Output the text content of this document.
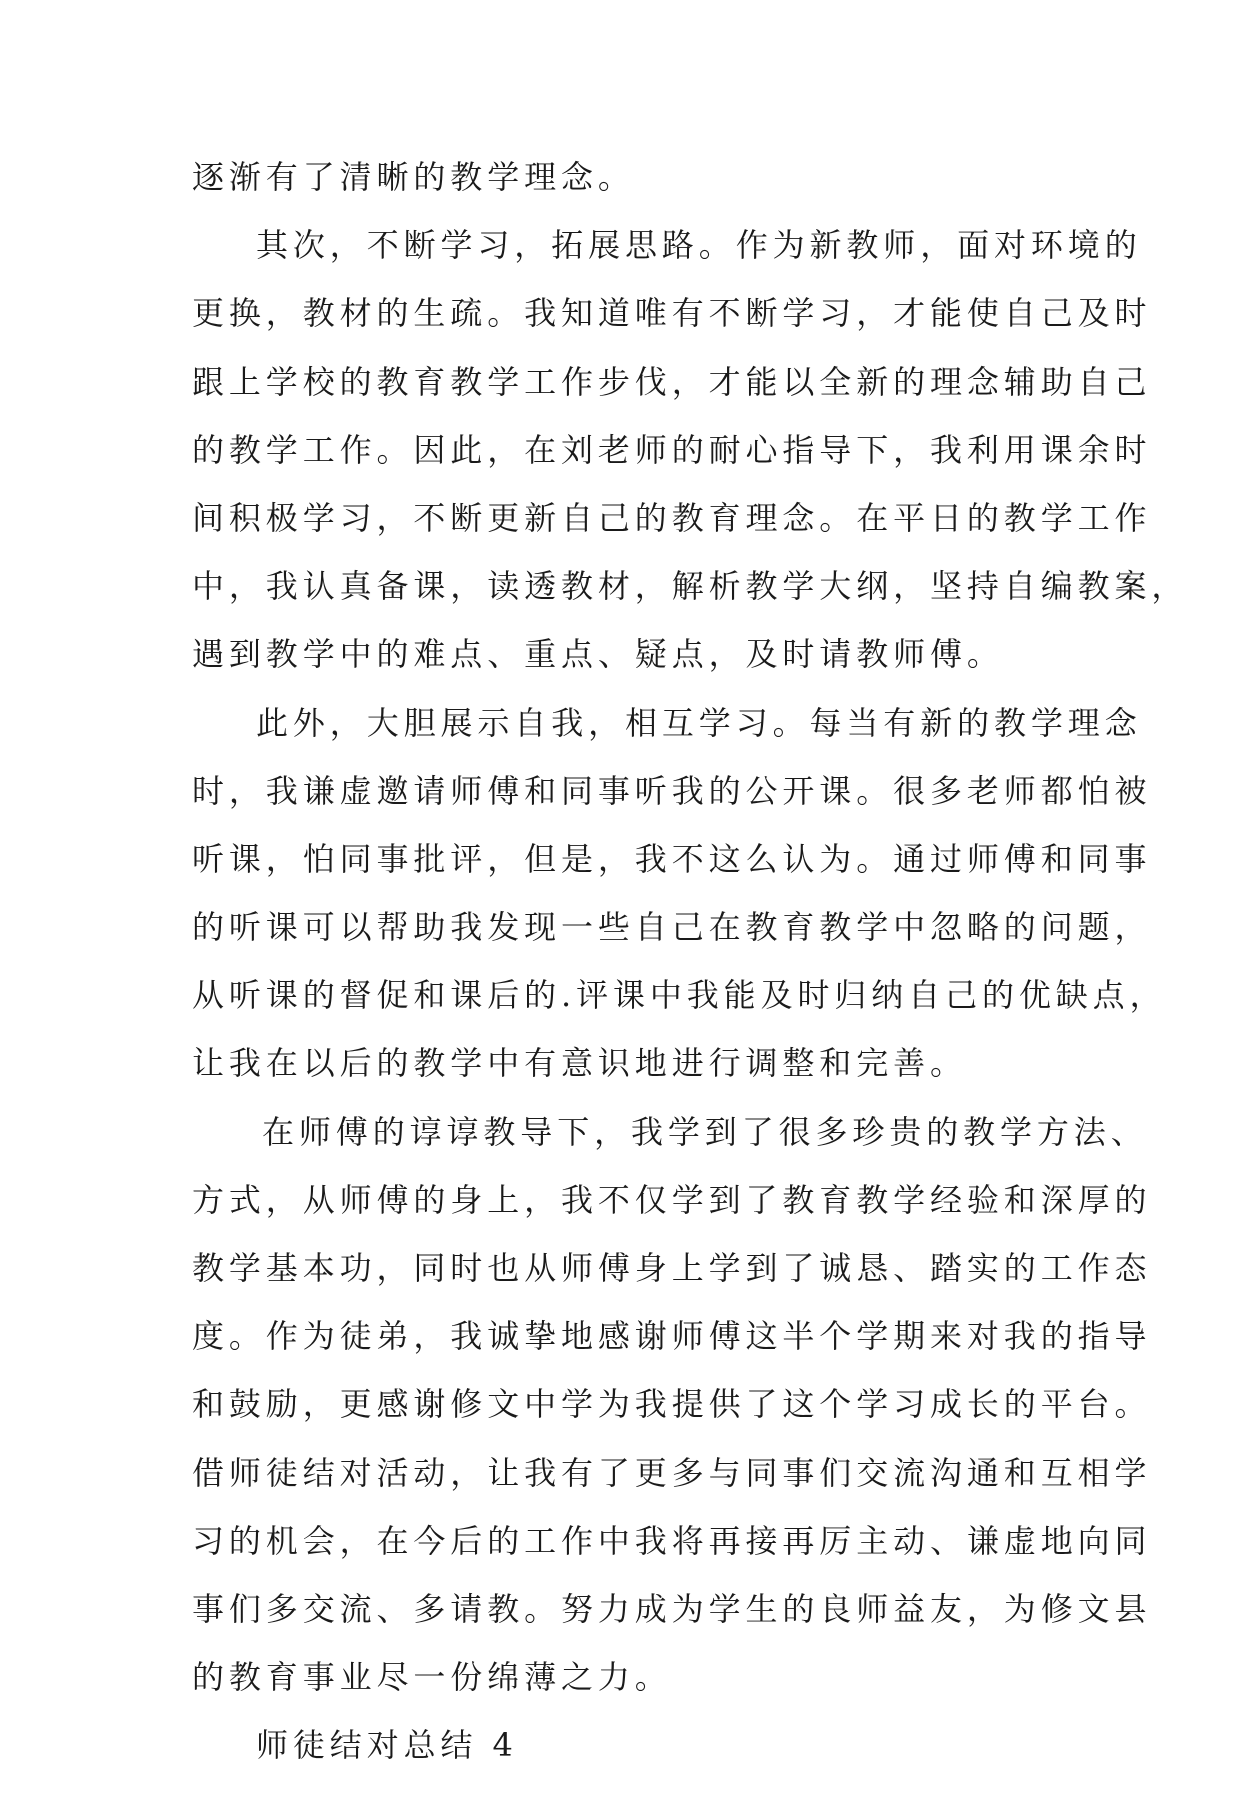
逐渐有了清晰的教学理念。
其次，不断学习，拓展思路。作为新教师，面对环境的
更换，教材的生疏。我知道唯有不断学习，才能使自己及时
跟上学校的教育教学工作步伐，才能以全新的理念辅助自己
的教学工作。因此，在刘老师的耐心指导下，我利用课余时
间积极学习，不断更新自己的教育理念。在平日的教学工作
中，我认真备课，读透教材，解析教学大纲，坚持自编教案，
遇到教学中的难点、重点、疑点，及时请教师傅。
此外，大胆展示自我，相互学习。每当有新的教学理念
时，我谦虚邀请师傅和同事听我的公开课。很多老师都怕被
听课，怕同事批评，但是，我不这么认为。通过师傅和同事
的听课可以帮助我发现一些自己在教育教学中忽略的问题，
从听课的督促和课后的.评课中我能及时归纳自己的优缺点，
让我在以后的教学中有意识地进行调整和完善。
在师傅的谆谆教导下，我学到了很多珍贵的教学方法、
方式，从师傅的身上，我不仅学到了教育教学经验和深厚的
教学基本功，同时也从师傅身上学到了诚恳、踏实的工作态
度。作为徒弟，我诚挚地感谢师傅这半个学期来对我的指导
和鼓励，更感谢修文中学为我提供了这个学习成长的平台。
借师徒结对活动，让我有了更多与同事们交流沟通和互相学
习的机会，在今后的工作中我将再接再厉主动、谦虚地向同
事们多交流、多请教。努力成为学生的良师益友，为修文县
的教育事业尽一份绵薄之力。
师徒结对总结 4
